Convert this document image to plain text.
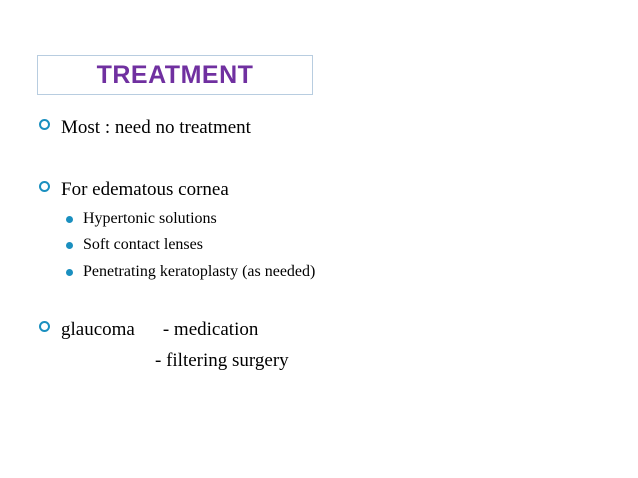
TREATMENT
Most : need no treatment
For edematous cornea
Hypertonic solutions
Soft contact lenses
Penetrating keratoplasty (as needed)
glaucoma - medication
- filtering surgery
